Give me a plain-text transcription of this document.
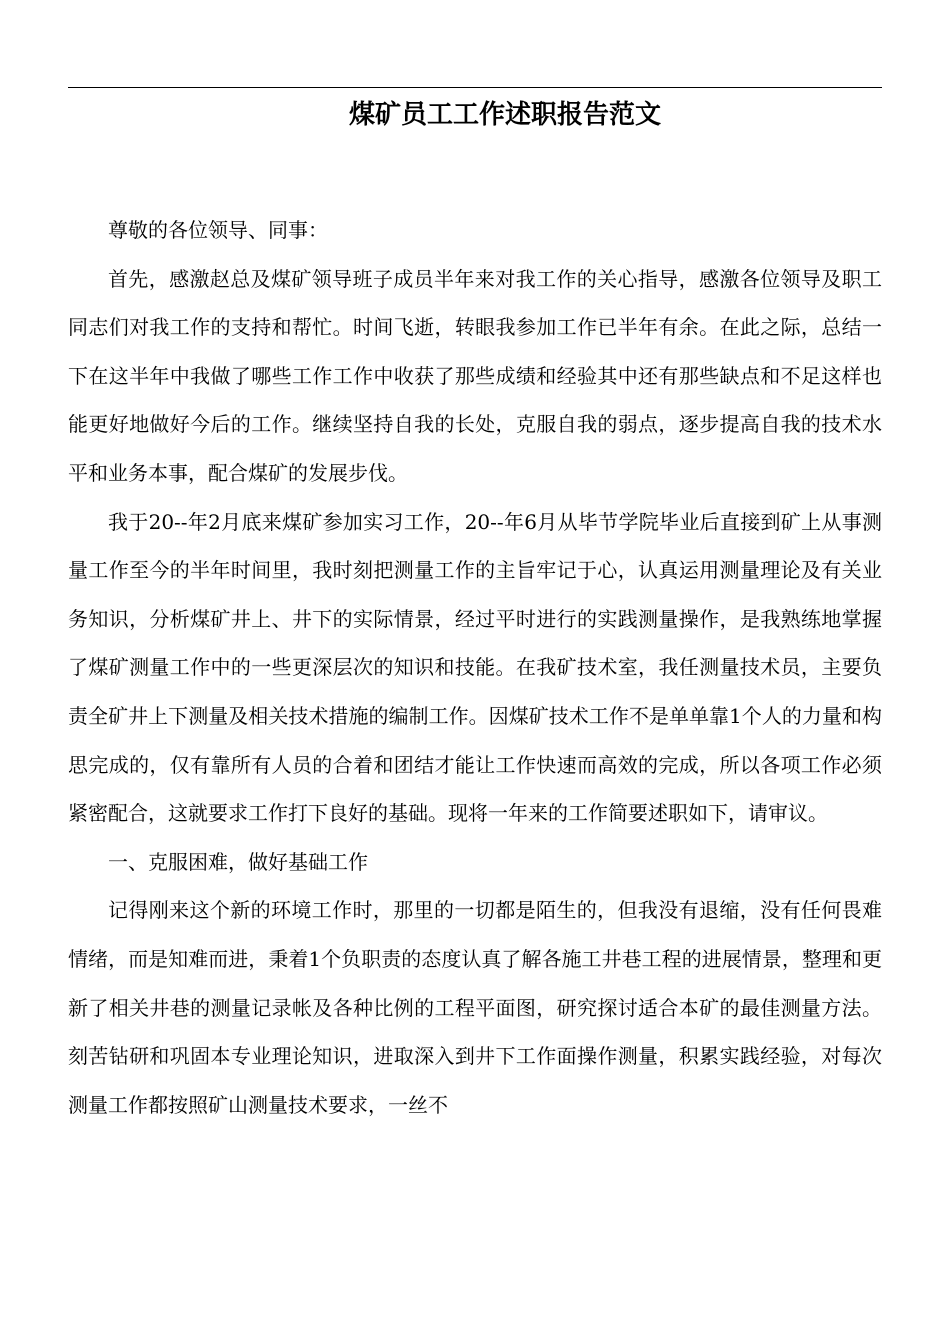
煤矿员工工作述职报告范文

尊敬的各位领导、同事：

首先，感激赵总及煤矿领导班子成员半年来对我工作的关心指导，感激各位领导及职工同志们对我工作的支持和帮忙。时间飞逝，转眼我参加工作已半年有余。在此之际，总结一下在这半年中我做了哪些工作工作中收获了那些成绩和经验其中还有那些缺点和不足这样也能更好地做好今后的工作。继续坚持自我的长处，克服自我的弱点，逐步提高自我的技术水平和业务本事，配合煤矿的发展步伐。

我于20--年2月底来煤矿参加实习工作，20--年6月从毕节学院毕业后直接到矿上从事测量工作至今的半年时间里，我时刻把测量工作的主旨牢记于心，认真运用测量理论及有关业务知识，分析煤矿井上、井下的实际情景，经过平时进行的实践测量操作，是我熟练地掌握了煤矿测量工作中的一些更深层次的知识和技能。在我矿技术室，我任测量技术员，主要负责全矿井上下测量及相关技术措施的编制工作。因煤矿技术工作不是单单靠1个人的力量和构思完成的，仅有靠所有人员的合着和团结才能让工作快速而高效的完成，所以各项工作必须紧密配合，这就要求工作打下良好的基础。现将一年来的工作简要述职如下，请审议。

一、克服困难，做好基础工作

记得刚来这个新的环境工作时，那里的一切都是陌生的，但我没有退缩，没有任何畏难情绪，而是知难而进，秉着1个负职责的态度认真了解各施工井巷工程的进展情景，整理和更新了相关井巷的测量记录帐及各种比例的工程平面图，研究探讨适合本矿的最佳测量方法。刻苦钻研和巩固本专业理论知识，进取深入到井下工作面操作测量，积累实践经验，对每次测量工作都按照矿山测量技术要求，一丝不
